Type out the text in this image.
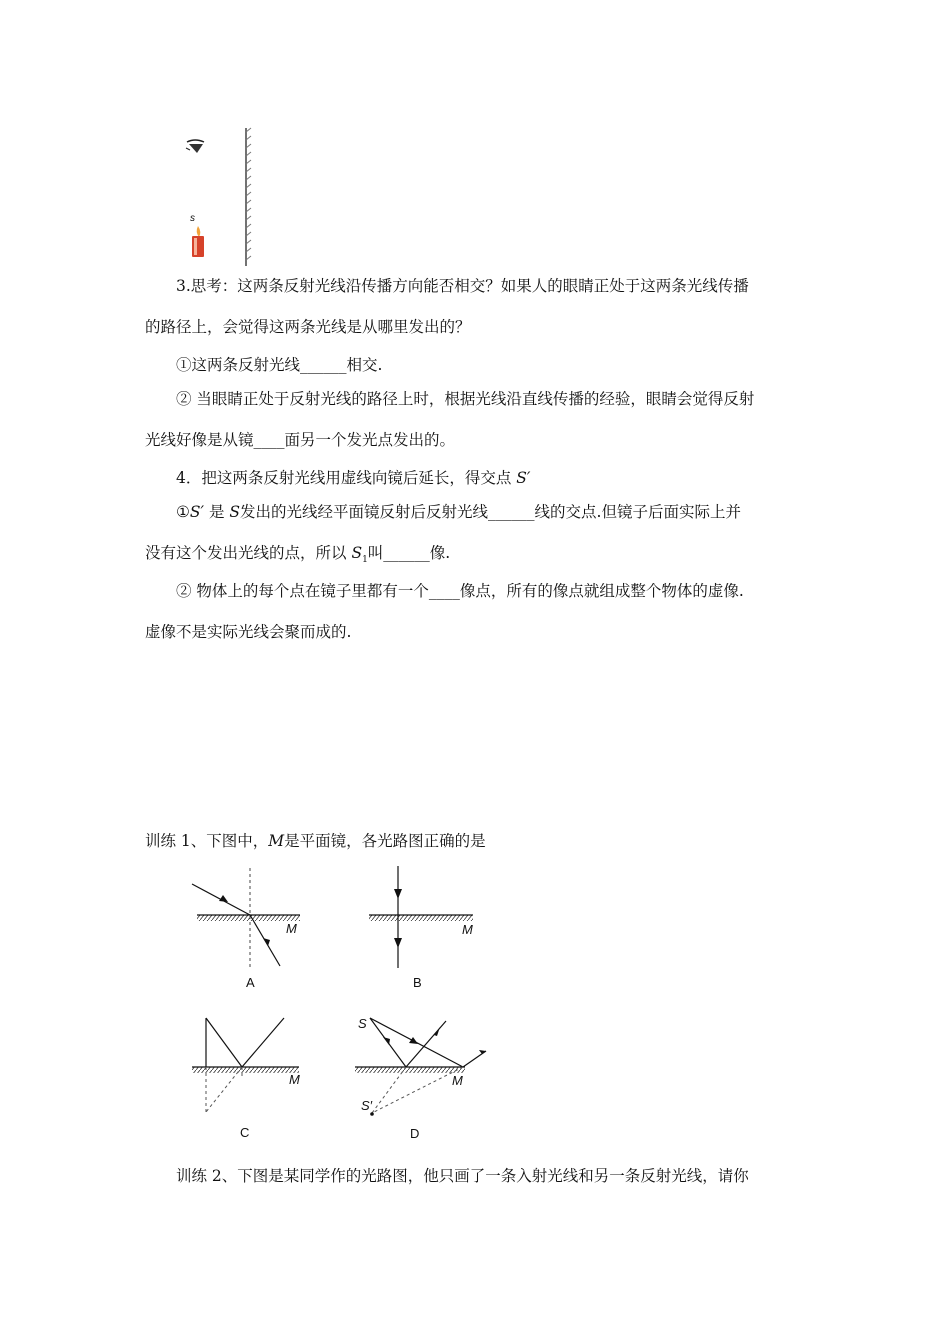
s
3.思考：这两条反射光线沿传播方向能否相交？如果人的眼睛正处于这两条光线传播
的路径上，会觉得这两条光线是从哪里发出的？
①这两条反射光线______相交.
② 当眼睛正处于反射光线的路径上时，根据光线沿直线传播的经验，眼睛会觉得反射
光线好像是从镜____面另一个发光点发出的。
4．把这两条反射光线用虚线向镜后延长，得交点 S′
①S′ 是 S发出的光线经平面镜反射后反射光线______线的交点.但镜子后面实际上并
没有这个发出光线的点，所以 $S_1$叫______像.
② 物体上的每个点在镜子里都有一个____像点，所有的像点就组成整个物体的虚像.
虚像不是实际光线会聚而成的.
训练 1、下图中，M是平面镜，各光路图正确的是
M	M
M	M
S
S′
A	B
C	D
训练 2、下图是某同学作的光路图，他只画了一条入射光线和另一条反射光线，请你
